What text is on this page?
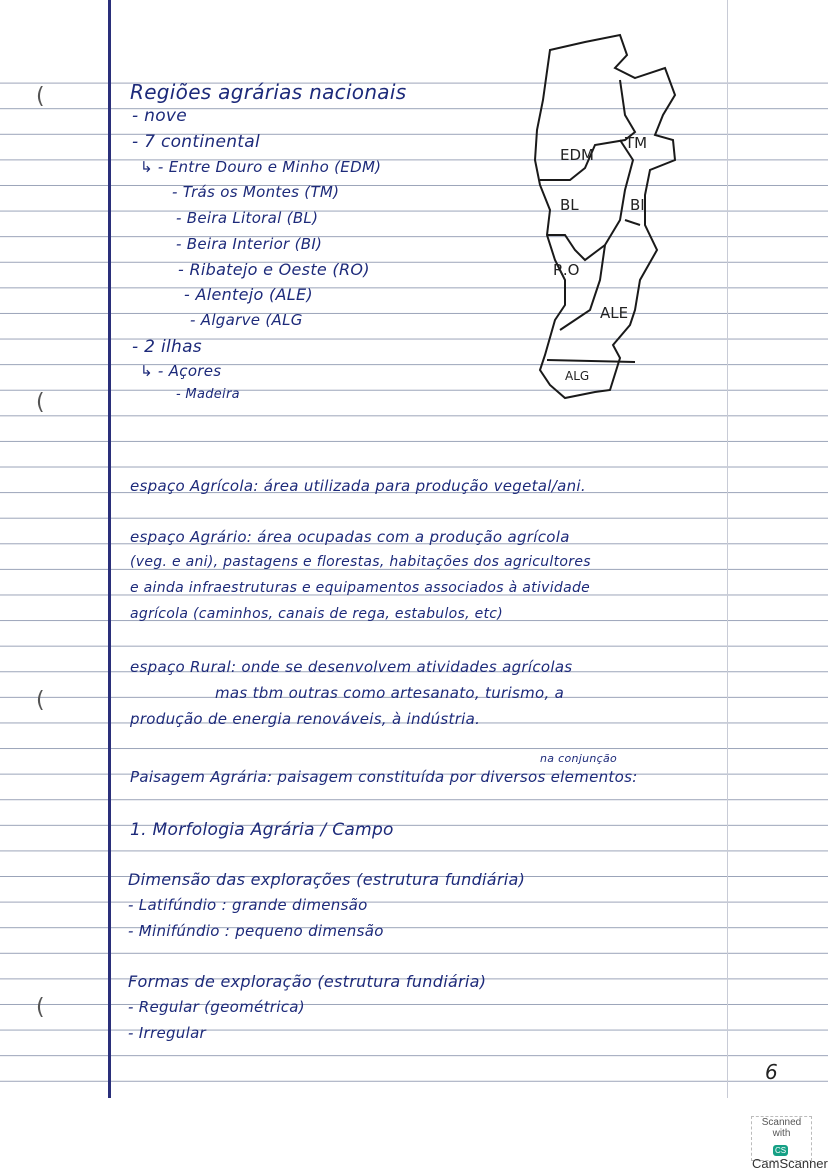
(
(
(
(
Regiões agrárias nacionais
- nove
- 7 continental
↳ - Entre Douro e Minho (EDM)
- Trás os Montes (TM)
- Beira Litoral (BL)
- Beira Interior (BI)
- Ribatejo e Oeste (RO)
- Alentejo (ALE)
- Algarve (ALG
- 2 ilhas
↳ - Açores
- Madeira
EDM
TM
BL	BI
R.O
ALE
ALG
espaço Agrícola: área utilizada para produção vegetal/ani.
espaço Agrário: área ocupadas com a produção agrícola
(veg. e ani), pastagens e florestas, habitações dos agricultores
e ainda infraestruturas e equipamentos associados à atividade
agrícola (caminhos, canais de rega, estabulos, etc)
espaço Rural: onde se desenvolvem atividades agrícolas
mas tbm outras como artesanato, turismo, a
produção de energia renováveis, à indústria.
na conjunção
Paisagem Agrária: paisagem constituída por diversos elementos:
1. Morfologia Agrária / Campo
Dimensão das explorações (estrutura fundiária)
- Latifúndio : grande dimensão
- Minifúndio : pequeno dimensão
Formas de exploração (estrutura fundiária)
- Regular (geométrica)
- Irregular
6
Scanned with
CSCamScanner
